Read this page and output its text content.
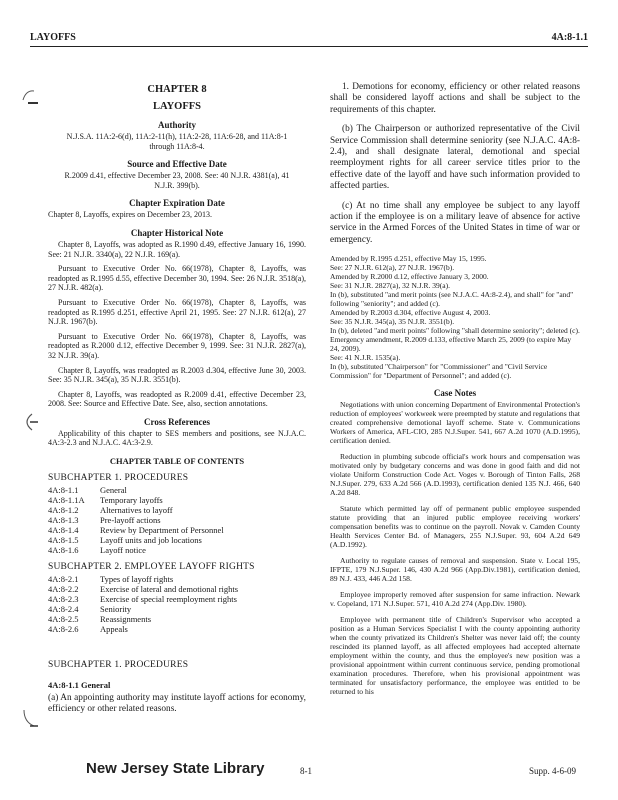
LAYOFFS	4A:8-1.1
CHAPTER 8
LAYOFFS
Authority
N.J.S.A. 11A:2-6(d), 11A:2-11(h), 11A:2-28, 11A:6-28, and 11A:8-1 through 11A:8-4.
Source and Effective Date
R.2009 d.41, effective December 23, 2008. See: 40 N.J.R. 4381(a), 41 N.J.R. 399(b).
Chapter Expiration Date
Chapter 8, Layoffs, expires on December 23, 2013.
Chapter Historical Note

Chapter 8, Layoffs, was adopted as R.1990 d.49, effective January 16, 1990. See: 21 N.J.R. 3340(a), 22 N.J.R. 169(a).

Pursuant to Executive Order No. 66(1978), Chapter 8, Layoffs, was readopted as R.1995 d.55, effective December 30, 1994. See: 26 N.J.R. 3518(a), 27 N.J.R. 482(a).

Pursuant to Executive Order No. 66(1978), Chapter 8, Layoffs, was readopted as R.1995 d.251, effective April 21, 1995. See: 27 N.J.R. 612(a), 27 N.J.R. 1967(b).

Pursuant to Executive Order No. 66(1978), Chapter 8, Layoffs, was readopted as R.2000 d.12, effective December 9, 1999. See: 31 N.J.R. 2827(a), 32 N.J.R. 39(a).

Chapter 8, Layoffs, was readopted as R.2003 d.304, effective June 30, 2003. See: 35 N.J.R. 345(a), 35 N.J.R. 3551(b).

Chapter 8, Layoffs, was readopted as R.2009 d.41, effective December 23, 2008. See: Source and Effective Date. See, also, section annotations.

Cross References

Applicability of this chapter to SES members and positions, see N.J.A.C. 4A:3-2.3 and N.J.A.C. 4A:3-2.9.

CHAPTER TABLE OF CONTENTS
SUBCHAPTER 1. PROCEDURES
4A:8-1.1	General
4A:8-1.1A	Temporary layoffs
4A:8-1.2	Alternatives to layoff
4A:8-1.3	Pre-layoff actions
4A:8-1.4	Review by Department of Personnel
4A:8-1.5	Layoff units and job locations
4A:8-1.6	Layoff notice
SUBCHAPTER 2. EMPLOYEE LAYOFF RIGHTS
4A:8-2.1	Types of layoff rights
4A:8-2.2	Exercise of lateral and demotional rights
4A:8-2.3	Exercise of special reemployment rights
4A:8-2.4	Seniority
4A:8-2.5	Reassignments
4A:8-2.6	Appeals
SUBCHAPTER 1. PROCEDURES
4A:8-1.1 General

(a) An appointing authority may institute layoff actions for economy, efficiency or other related reasons.

1. Demotions for economy, efficiency or other related reasons shall be considered layoff actions and shall be subject to the requirements of this chapter.

(b) The Chairperson or authorized representative of the Civil Service Commission shall determine seniority (see N.J.A.C. 4A:8-2.4), and shall designate lateral, demotional and special reemployment rights for all career service titles prior to the effective date of the layoff and have such information provided to affected parties.

(c) At no time shall any employee be subject to any layoff action if the employee is on a military leave of absence for active service in the Armed Forces of the United States in time of war or emergency.

Amended by R.1995 d.251, effective May 15, 1995.
See: 27 N.J.R. 612(a), 27 N.J.R. 1967(b).
Amended by R.2000 d.12, effective January 3, 2000.
See: 31 N.J.R. 2827(a), 32 N.J.R. 39(a).
In (b), substituted "and merit points (see N.J.A.C. 4A:8-2.4), and shall" for "and" following "seniority"; and added (c).
Amended by R.2003 d.304, effective August 4, 2003.
See: 35 N.J.R. 345(a), 35 N.J.R. 3551(b).
In (b), deleted "and merit points" following "shall determine seniority"; deleted (c).
Emergency amendment, R.2009 d.133, effective March 25, 2009 (to expire May 24, 2009).
See: 41 N.J.R. 1535(a).
In (b), substituted "Chairperson" for "Commissioner" and "Civil Service Commission" for "Department of Personnel"; and added (c).
Case Notes

Negotiations with union concerning Department of Environmental Protection's reduction of employees' workweek were preempted by statute and regulations that created comprehensive demotional layoff scheme. State v. Communications Workers of America, AFL-CIO, 285 N.J.Super. 541, 667 A.2d 1070 (A.D.1995), certification denied.

Reduction in plumbing subcode official's work hours and compensation was motivated only by budgetary concerns and was done in good faith and did not violate Uniform Construction Code Act. Voges v. Borough of Tinton Falls, 268 N.J.Super. 279, 633 A.2d 566 (A.D.1993), certification denied 135 N.J. 466, 640 A.2d 848.

Statute which permitted lay off of permanent public employee suspended statute providing that an injured public employee receiving workers' compensation benefits was to continue on the payroll. Novak v. Camden County Health Services Center Bd. of Managers, 255 N.J.Super. 93, 604 A.2d 649 (A.D.1992).

Authority to regulate causes of removal and suspension. State v. Local 195, IFPTE, 179 N.J.Super. 146, 430 A.2d 966 (App.Div.1981), certification denied, 89 N.J. 433, 446 A.2d 158.

Employee improperly removed after suspension for same infraction. Newark v. Copeland, 171 N.J.Super. 571, 410 A.2d 274 (App.Div. 1980).

Employee with permanent title of Children's Supervisor who accepted a position as a Human Services Specialist I with the county appointing authority when the county privatized its Children's Shelter was never laid off; the county rescinded its planned layoff, as all affected employees had accepted alternate employment within the county, and thus the employee's new position was a provisional appointment within current continuous service, pending promotional examination procedures. Therefore, when his provisional appointment was terminated for unsatisfactory performance, the employee was entitled to be returned to his

New Jersey State Library	8-1	Supp. 4-6-09
